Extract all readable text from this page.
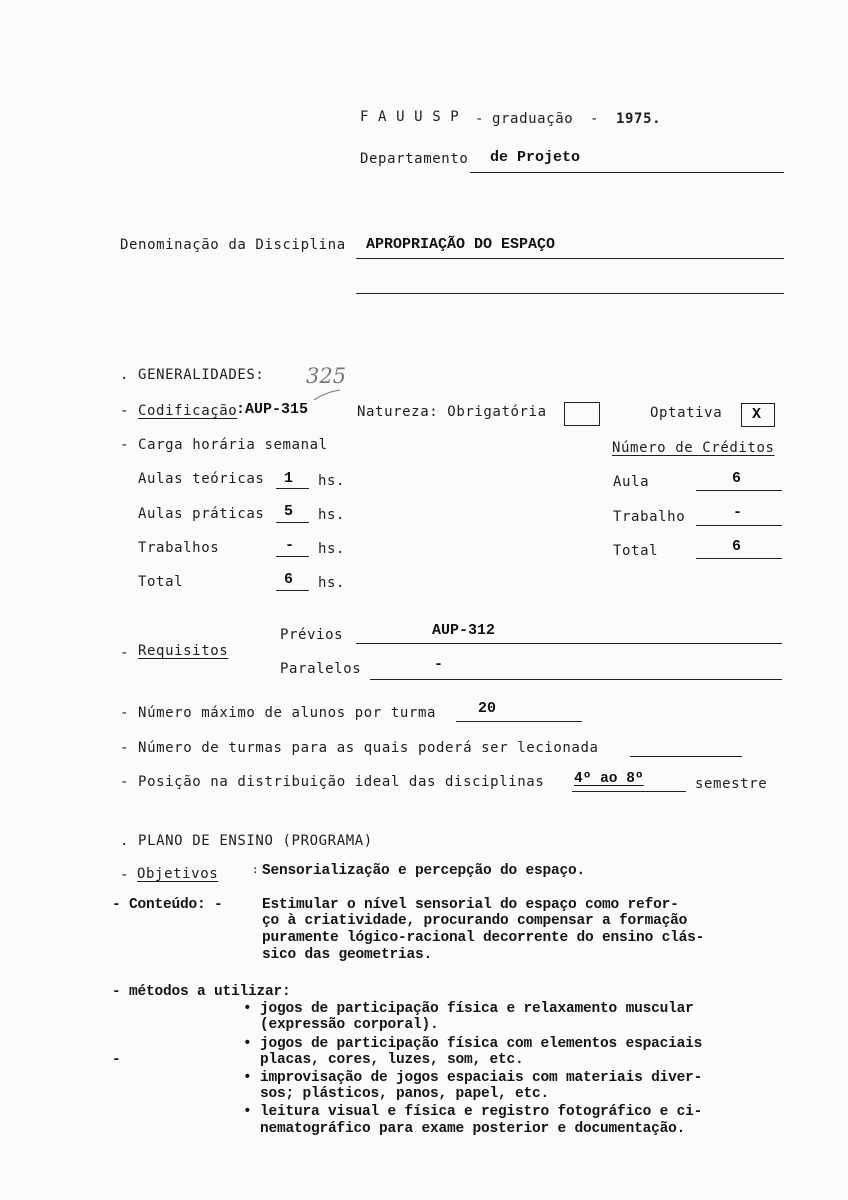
F A U U S P - graduação - 1975.
Departamento de Projeto
Denominação da Disciplina APROPRIAÇÃO DO ESPAÇO
. GENERALIDADES: 325
- Codificação
:AUP-315	Natureza: Obrigatória	Optativa X
- Carga horária semanal	Número de Créditos
Aulas teóricas 1 hs.
Aulas práticas 5 hs.
Trabalhos	- hs.
Total	6 hs.
Aula	6
Trabalho	-
Total	6
- Requisitos
Prévios	AUP-312
Paralelos	-
- Número máximo de alunos por turma	20
- Número de turmas para as quais poderá ser lecionada
- Posição na distribuição ideal das disciplinas 4º ao 8º	semestre
. PLANO DE ENSINO (PROGRAMA)
- Objetivos	: Sensorialização e percepção do espaço.
- Conteúdo: -	Estimular o nível sensorial do espaço como refor-
ço à criatividade, procurando compensar a formação
puramente lógico-racional decorrente do ensino clás-
sico das geometrias.
- métodos a utilizar:
• jogos de participação física e relaxamento muscular
(expressão corporal).
• jogos de participação física com elementos espaciais
placas, cores, luzes, som, etc.
-
• improvisação de jogos espaciais com materiais diver-
sos; plásticos, panos, papel, etc.
• leitura visual e física e registro fotográfico e ci-
nematográfico para exame posterior e documentação.
